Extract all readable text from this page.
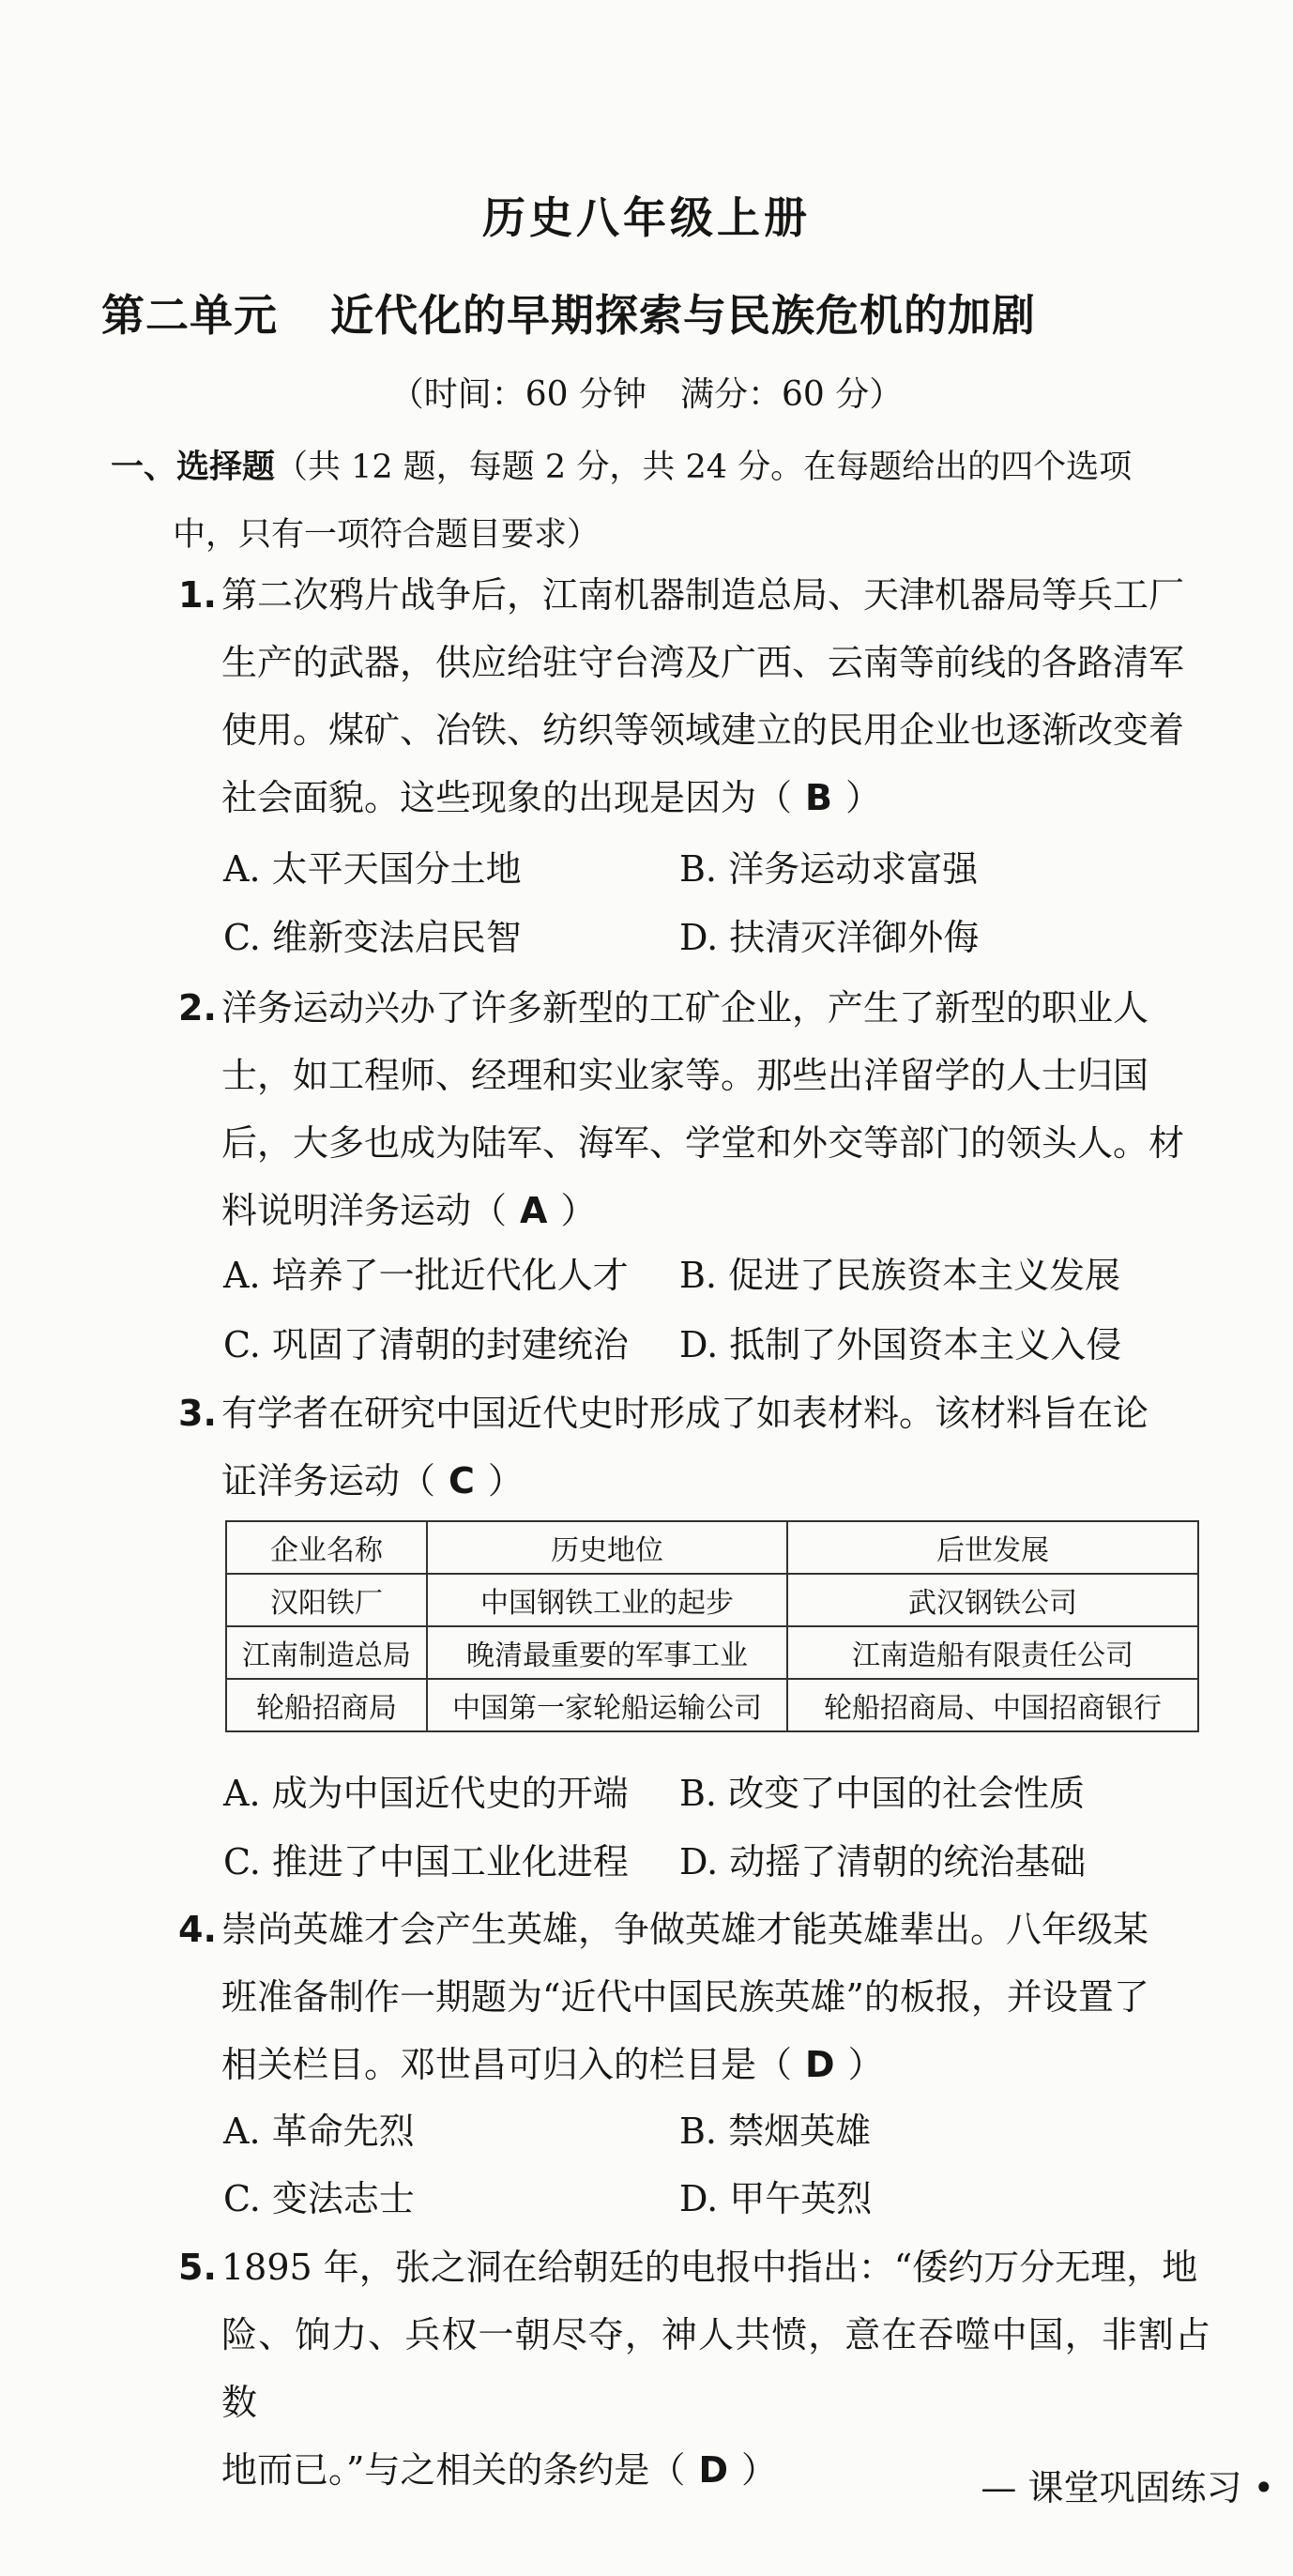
历史八年级上册
第二单元 近代化的早期探索与民族危机的加剧
（时间：60 分钟　满分：60 分）
一、选择题（共 12 题，每题 2 分，共 24 分。在每题给出的四个选项
中，只有一项符合题目要求）
1. 第二次鸦片战争后，江南机器制造总局、天津机器局等兵工厂
生产的武器，供应给驻守台湾及广西、云南等前线的各路清军
使用。煤矿、冶铁、纺织等领域建立的民用企业也逐渐改变着
社会面貌。这些现象的出现是因为（ B ）
A. 太平天国分土地	B. 洋务运动求富强
C. 维新变法启民智	D. 扶清灭洋御外侮
2. 洋务运动兴办了许多新型的工矿企业，产生了新型的职业人
士，如工程师、经理和实业家等。那些出洋留学的人士归国
后，大多也成为陆军、海军、学堂和外交等部门的领头人。材
料说明洋务运动（ A ）
A. 培养了一批近代化人才 B. 促进了民族资本主义发展
C. 巩固了清朝的封建统治 D. 抵制了外国资本主义入侵
3. 有学者在研究中国近代史时形成了如表材料。该材料旨在论
证洋务运动（ C ）
企业名称	历史地位	后世发展
汉阳铁厂	中国钢铁工业的起步	武汉钢铁公司
江南制造总局	晚清最重要的军事工业	江南造船有限责任公司
轮船招商局	中国第一家轮船运输公司	轮船招商局、中国招商银行
A. 成为中国近代史的开端 B. 改变了中国的社会性质
C. 推进了中国工业化进程 D. 动摇了清朝的统治基础
4. 崇尚英雄才会产生英雄，争做英雄才能英雄辈出。八年级某
班准备制作一期题为“近代中国民族英雄”的板报，并设置了
相关栏目。邓世昌可归入的栏目是（ D ）
A. 革命先烈	B. 禁烟英雄
C. 变法志士	D. 甲午英烈
5. 1895 年，张之洞在给朝廷的电报中指出：“倭约万分无理，地
险、饷力、兵权一朝尽夺，神人共愤，意在吞噬中国，非割占数
地而已。”与之相关的条约是（ D ）	— 课堂巩固练习 •
